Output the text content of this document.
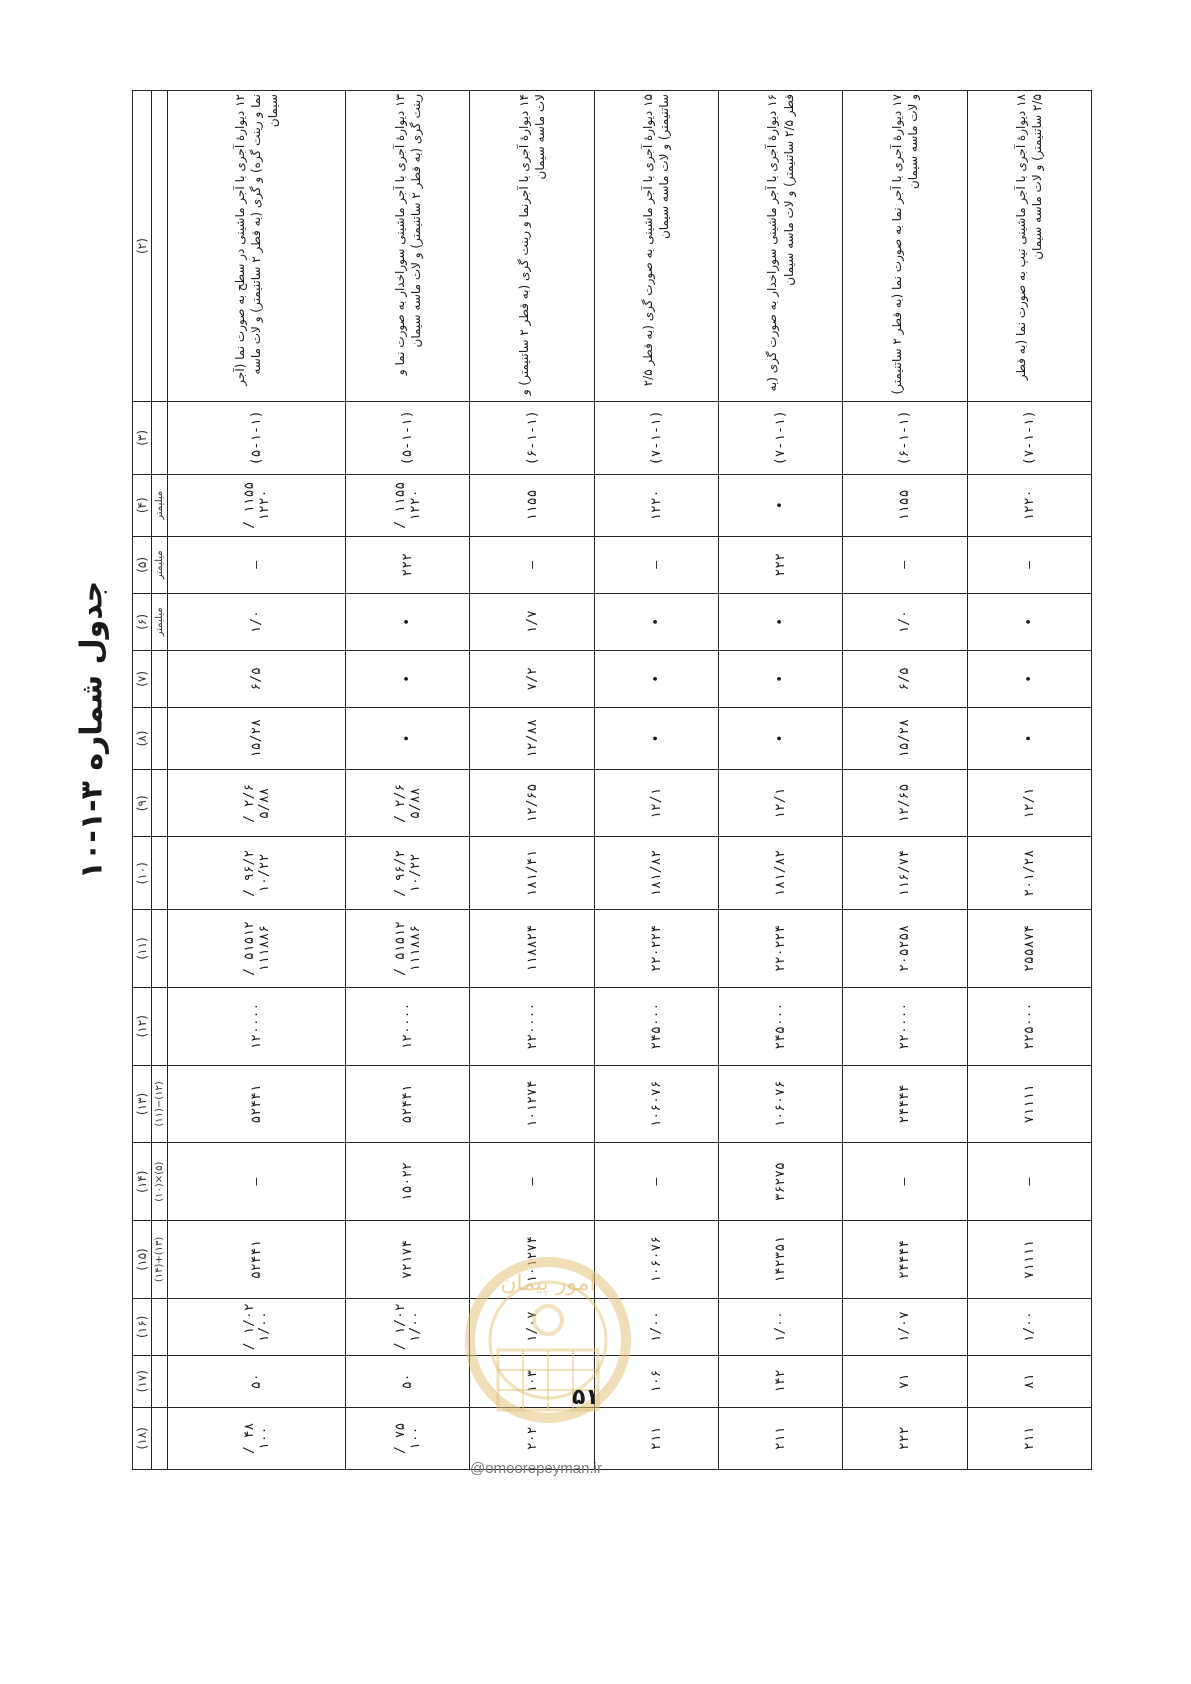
جدول شماره ۳-۱-۱۰
(۲)	(۳)	(۴)	(۵)	(۶)	(۷)	(۸)	(۹)	(۱۰)	(۱۱)	(۱۲)	(۱۳)	(۱۴)	(۱۵)	(۱۶)	(۱۷)	(۱۸)
		میلیمتر	میلیمتر	میلیمتر							(۱۲)−(۱۱)	(۵)×(۱۰)	(۱۳)+(۱۴)			
۱۲ دیوارهٔ آجری با آجر ماشینی در سطح به صورت نما (آجر نما و رینت گره) و گری (به قطر ۲ ساتنیمتر) و لات ماسه سیمان	(۵-۱-۱)	۱۱۵۵ / ۱۲۲۰	—	۱/۰	۶/۵	۱۵/۲۸	۲/۶ / ۵/۸۸	۹۶/۲ / ۱۰/۲۲	۵۱۵۱۲ / ۱۱۱۸۸۶	۱۲۰۰۰۰	۵۲۴۴۱	—	۵۲۴۴۱	۱/۰۲ / ۱/۰۰	۵۰	۴۸ / ۱۰۰
۱۳ دیوارهٔ آجری با آجر ماشینی سوراخدار به صورت نما و رینت گری (به قطر ۲ ساتنیمتر) و لات ماسه سیمان	(۵-۱-۱)	۱۱۵۵ / ۱۲۲۰	۲۲۲	•	•	•	۲/۶ / ۵/۸۸	۹۶/۲ / ۱۰/۲۲	۵۱۵۱۲ / ۱۱۱۸۸۶	۱۲۰۰۰۰	۵۲۴۴۱	۱۵۰۲۲	۷۲۱۷۴	۱/۰۲ / ۱/۰۰	۵۰	۷۵ / ۱۰۰
۱۴ دیوارهٔ آجری با آجرنما و رینت گری (به قطر ۲ ساتنیمتر) و لات ماسه سیمان	(۶-۱-۱)	۱۱۵۵	—	۱/۷	۷/۲	۱۲/۸۸	۱۲/۶۵	۱۸۱/۴۱	۱۱۸۸۲۴	۲۲۰۰۰۰	۱۰۱۲۷۴	—	۱۰۱۲۷۴	۱/۰۷	۱۰۳	۲۰۲
۱۵ دیوارهٔ آجری با آجر ماشینی به صورت گری (به قطر ۲/۵ ساتنیمتر) و لات ماسه سیمان	(۷-۱-۱)	۱۲۲۰	—	•	•	•	۱۲/۱	۱۸۱/۸۲	۲۲۰۲۲۴	۲۴۵۰۰۰	۱۰۶۰۷۶	—	۱۰۶۰۷۶	۱/۰۰	۱۰۶	۲۱۱
۱۶ دیوارهٔ آجری با آجر ماشینی سوراخدار به صورت گری (به قطر ۲/۵ ساتنیمتر) و لات ماسه سیمان	(۷-۱-۱)	•	۲۲۲	•	•	•	۱۲/۱	۱۸۱/۸۲	۲۲۰۲۲۴	۲۴۵۰۰۰	۱۰۶۰۷۶	۳۶۲۷۵	۱۴۲۳۵۱	۱/۰۰	۱۴۲	۲۱۱
۱۷ دیوارهٔ آجری با آجر نما به صورت نما (به قطر ۲ ساتنیمتر) و لات ماسه سیمان	(۶-۱-۱)	۱۱۵۵	—	۱/۰	۶/۵	۱۵/۲۸	۱۲/۶۵	۱۱۶/۷۴	۲۰۵۲۵۸	۲۲۰۰۰۰	۲۴۴۴۴	—	۲۴۴۴۴	۱/۰۷	۷۱	۲۲۲
۱۸ دیوارهٔ آجری با آجر ماشینی تیپ به صورت نما (به قطر ۲/۵ ساتنیمتر) و لات ماسه سیمان	(۷-۱-۱)	۱۲۲۰	—	•	•	•	۱۲/۱	۲۰۱/۲۸	۲۵۵۸۷۴	۲۲۵۰۰۰	۷۱۱۱۱	—	۷۱۱۱۱	۱/۰۰	۸۱	۲۱۱
امور پیمان
۵۱
@omoorepeyman.ir
